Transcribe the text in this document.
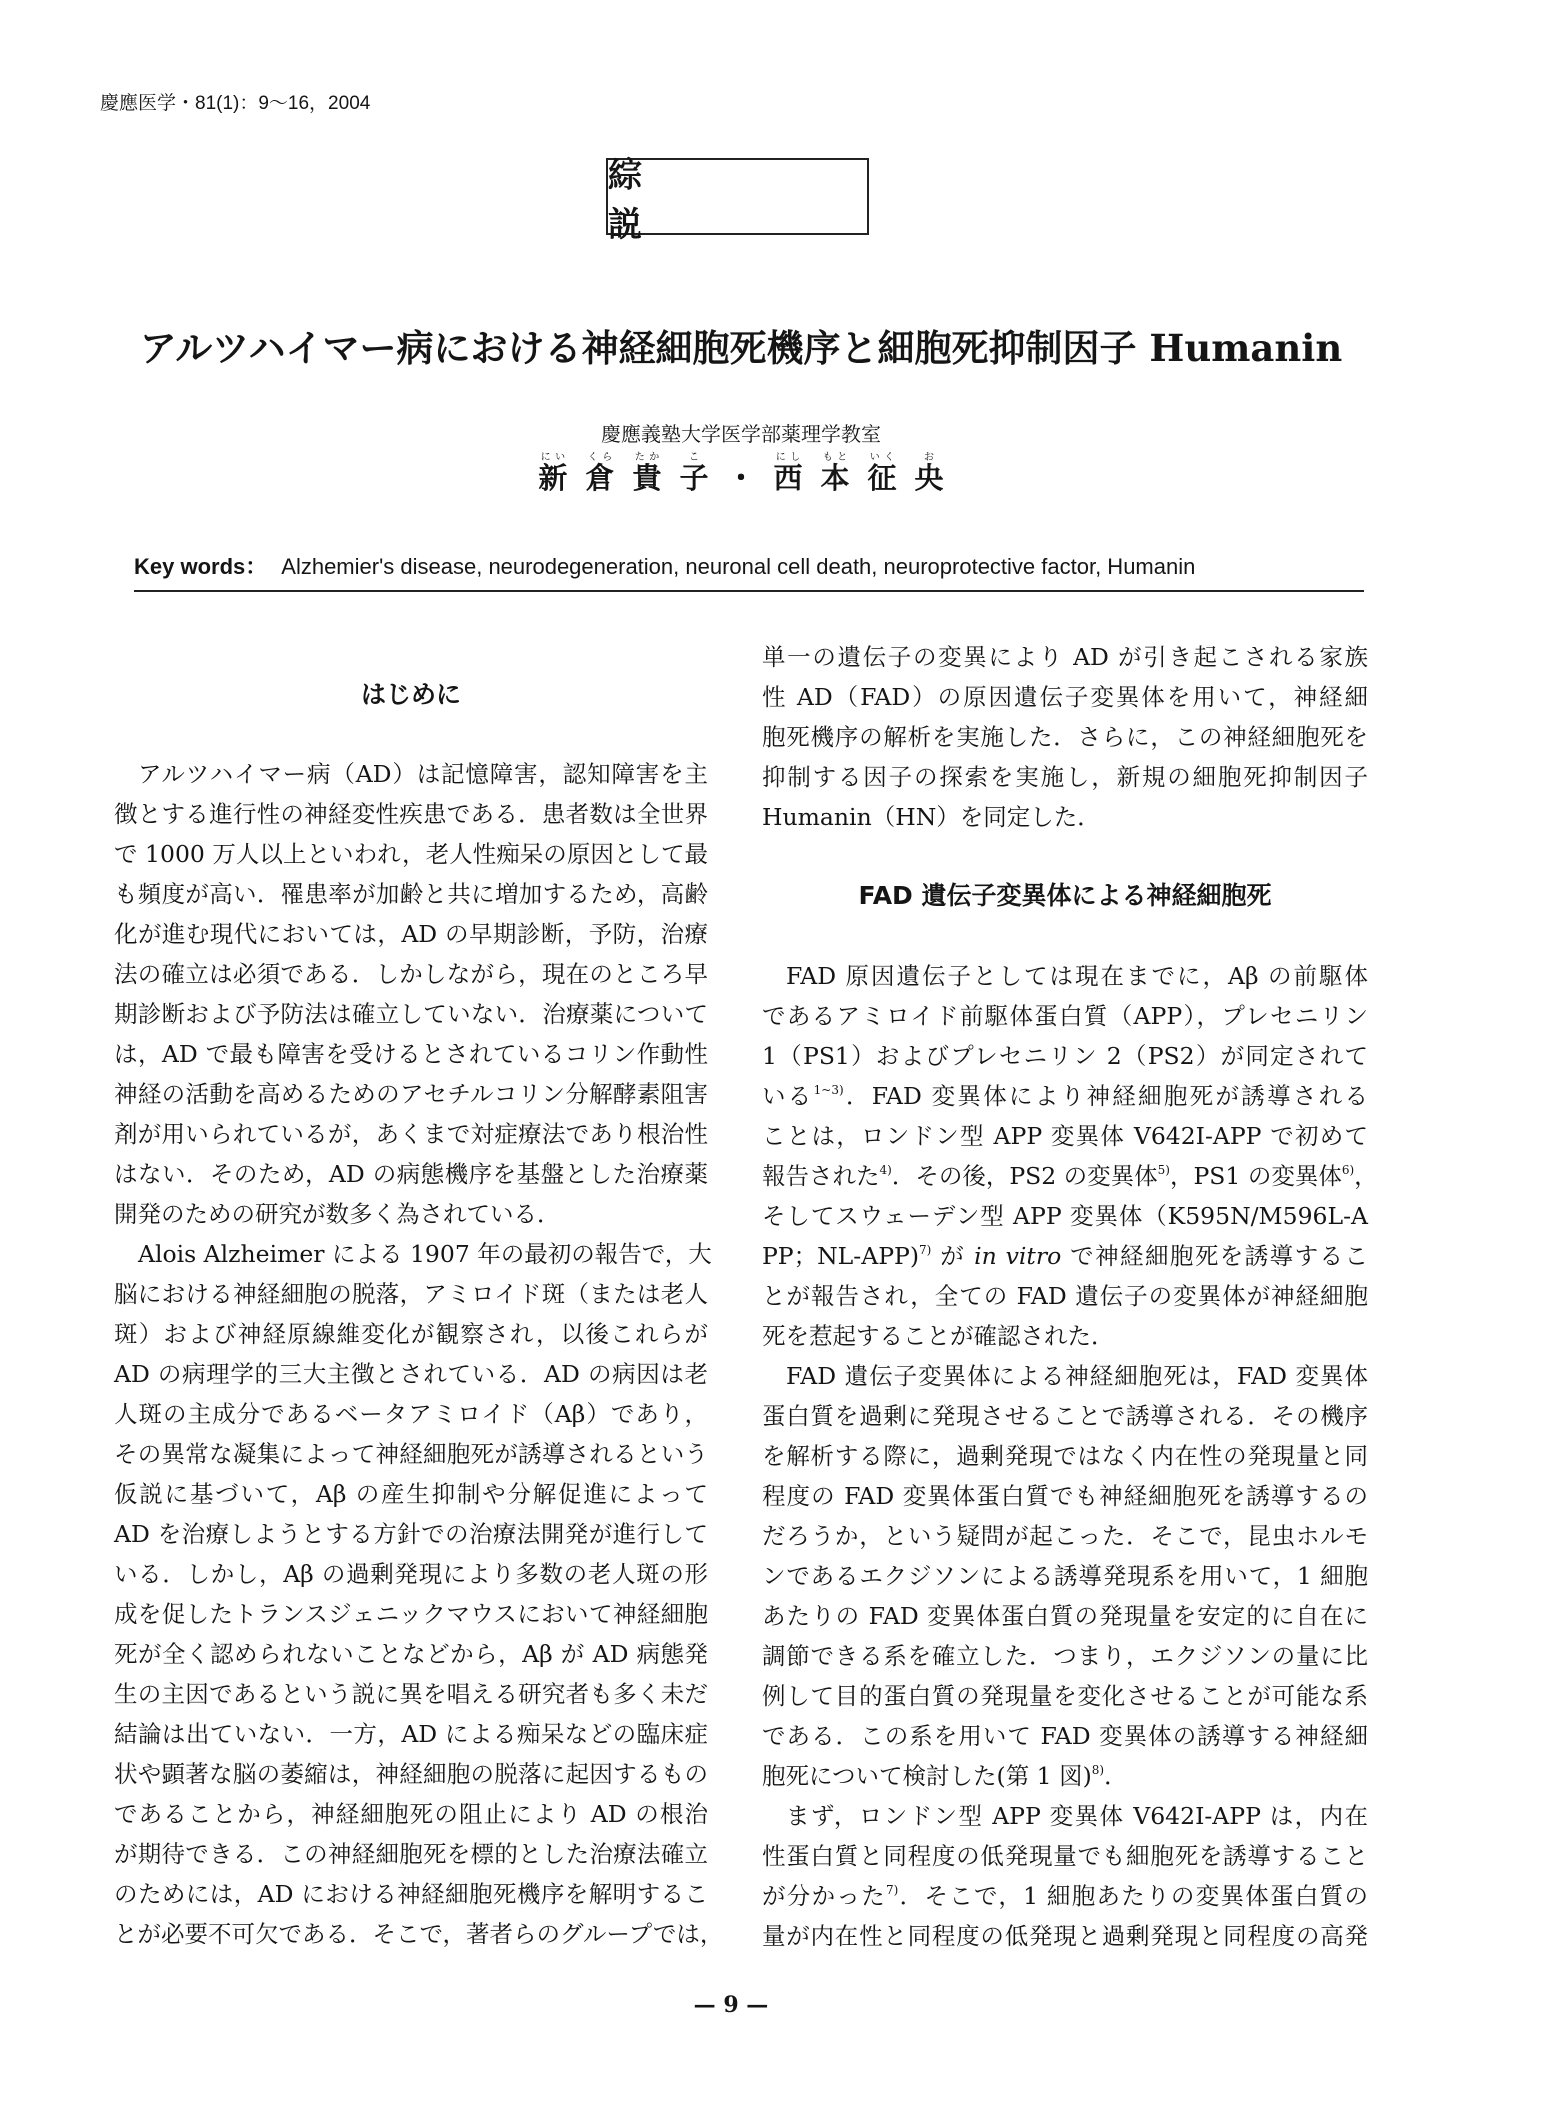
慶應医学・81(1)：9〜16，2004
綜　説
アルツハイマー病における神経細胞死機序と細胞死抑制因子 Humanin
慶應義塾大学医学部薬理学教室
新にい倉くら貴たか子こ・ 西にし本もと征いく央お
Key words： Alzhemier's disease, neurodegeneration, neuronal cell death, neuroprotective factor, Humanin
はじめに
アルツハイマー病（AD）は記憶障害，認知障害を主
徴とする進行性の神経変性疾患である．患者数は全世界
で 1000 万人以上といわれ，老人性痴呆の原因として最
も頻度が高い．罹患率が加齢と共に増加するため，高齢
化が進む現代においては，AD の早期診断，予防，治療
法の確立は必須である．しかしながら，現在のところ早
期診断および予防法は確立していない．治療薬について
は，AD で最も障害を受けるとされているコリン作動性
神経の活動を高めるためのアセチルコリン分解酵素阻害
剤が用いられているが，あくまで対症療法であり根治性
はない．そのため，AD の病態機序を基盤とした治療薬
開発のための研究が数多く為されている．
Alois Alzheimer による 1907 年の最初の報告で，大
脳における神経細胞の脱落，アミロイド斑（または老人
斑）および神経原線維変化が観察され，以後これらが
AD の病理学的三大主徴とされている．AD の病因は老
人斑の主成分であるベータアミロイド（Aβ）であり，
その異常な凝集によって神経細胞死が誘導されるという
仮説に基づいて，Aβ の産生抑制や分解促進によって
AD を治療しようとする方針での治療法開発が進行して
いる．しかし，Aβ の過剰発現により多数の老人斑の形
成を促したトランスジェニックマウスにおいて神経細胞
死が全く認められないことなどから，Aβ が AD 病態発
生の主因であるという説に異を唱える研究者も多く未だ
結論は出ていない．一方，AD による痴呆などの臨床症
状や顕著な脳の萎縮は，神経細胞の脱落に起因するもの
であることから，神経細胞死の阻止により AD の根治
が期待できる．この神経細胞死を標的とした治療法確立
のためには，AD における神経細胞死機序を解明するこ
とが必要不可欠である．そこで，著者らのグループでは，
単一の遺伝子の変異により AD が引き起こされる家族
性 AD（FAD）の原因遺伝子変異体を用いて，神経細
胞死機序の解析を実施した．さらに，この神経細胞死を
抑制する因子の探索を実施し，新規の細胞死抑制因子
Humanin（HN）を同定した．
FAD 遺伝子変異体による神経細胞死
FAD 原因遺伝子としては現在までに，Aβ の前駆体
であるアミロイド前駆体蛋白質（APP），プレセニリン
1（PS1）およびプレセニリン 2（PS2）が同定されて
いる$^{1\sim 3)}$．FAD 変異体により神経細胞死が誘導される
ことは，ロンドン型 APP 変異体 V642I-APP で初めて
報告された$^{4)}$．その後，PS2 の変異体$^{5)}$，PS1 の変異体$^{6)}$，
そしてスウェーデン型 APP 変異体（K595N/M596L-A
PP；NL-APP)$^{7)}$ が in vitro で神経細胞死を誘導するこ
とが報告され，全ての FAD 遺伝子の変異体が神経細胞
死を惹起することが確認された．
FAD 遺伝子変異体による神経細胞死は，FAD 変異体
蛋白質を過剰に発現させることで誘導される．その機序
を解析する際に，過剰発現ではなく内在性の発現量と同
程度の FAD 変異体蛋白質でも神経細胞死を誘導するの
だろうか，という疑問が起こった．そこで，昆虫ホルモ
ンであるエクジソンによる誘導発現系を用いて，1 細胞
あたりの FAD 変異体蛋白質の発現量を安定的に自在に
調節できる系を確立した．つまり，エクジソンの量に比
例して目的蛋白質の発現量を変化させることが可能な系
である．この系を用いて FAD 変異体の誘導する神経細
胞死について検討した(第 1 図)$^{8)}$．
まず，ロンドン型 APP 変異体 V642I-APP は，内在
性蛋白質と同程度の低発現量でも細胞死を誘導すること
が分かった$^{7)}$．そこで，1 細胞あたりの変異体蛋白質の
量が内在性と同程度の低発現と過剰発現と同程度の高発
— 9 —
